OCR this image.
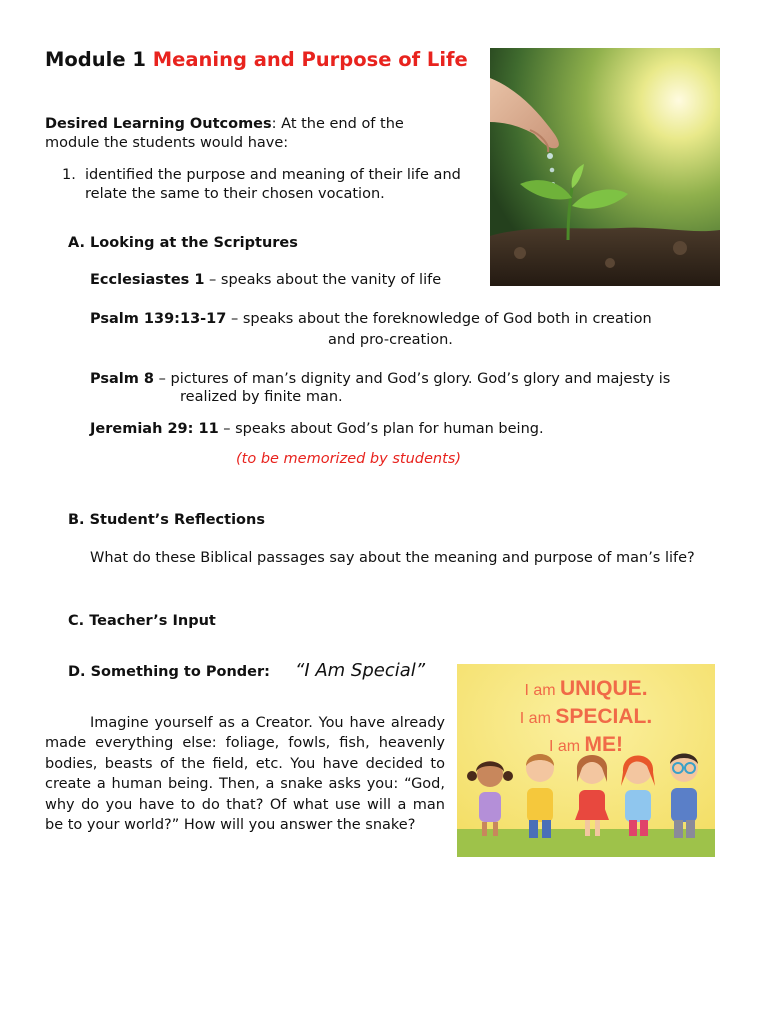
Module 1 Meaning and Purpose of Life

Desired Learning Outcomes: At the end of the

module the students would have:

1. identified the purpose and meaning of their life and

relate the same to their chosen vocation.

A. Looking at the Scriptures

Ecclesiastes 1 – speaks about the vanity of life

Psalm 139:13-17 – speaks about the foreknowledge of God both in creation

and pro-creation.

Psalm 8 – pictures of man’s dignity and God’s glory. God’s glory and majesty is

realized by finite man.

Jeremiah 29: 11 – speaks about God’s plan for human being.

(to be memorized by students)

B. Student’s Reflections

What do these Biblical passages say about the meaning and purpose of man’s life?

C. Teacher’s Input

D. Something to Ponder: “I Am Special”

Imagine yourself as a Creator. You have already made everything else: foliage, fowls, fish, heavenly bodies, beasts of the field, etc. You have decided to create a human being. Then, a snake asks you: “God, why do you have to do that? Of what use will a man be to your world?” How will you answer the snake?

I am UNIQUE.
I am SPECIAL.
I am ME!
